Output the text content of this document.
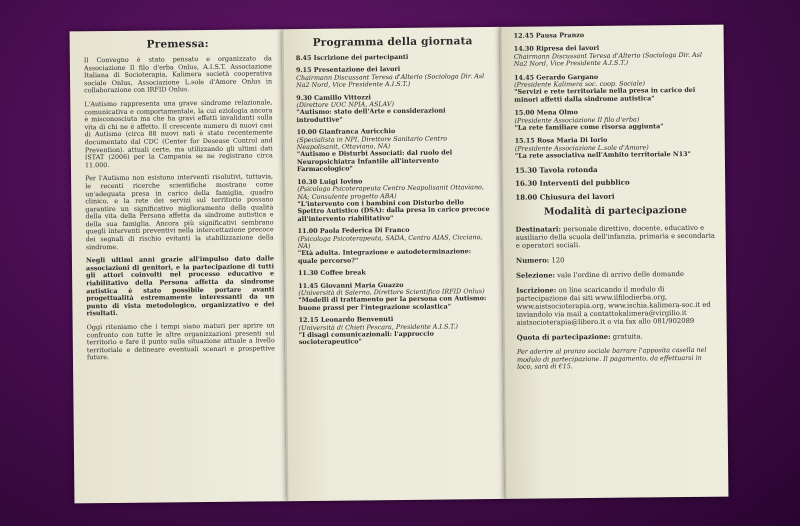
Premessa:

Il Convegno è stato pensato e organizzato da Associazione Il filo d'erba Onlus, A.I.S.T. Associazione Italiana di Socioterapia, Kalimera società cooperativa sociale Onlus, Associazione L.sole d'Amore Onlus in collaborazione con IRFID Onlus.

L'Autismo rappresenta una grave sindrome relazionale, comunicativa e comportamentale, la cui eziologia ancora è misconosciuta ma che ha gravi effetti invalidanti sulla vita di chi ne è affetto. Il crescente numero di nuovi casi di Autismo (circa 88 nuovi nati è stato recentemente documentato dal CDC (Center for Desease Control and Prevention). attuali certe, ma utilizzando gli ultimi dati ISTAT (2006) per la Campania se ne registrano circa 11.000.

Per l'Autismo non esistono interventi risolutivi, tuttavia, le recenti ricerche scientifiche mostrano come un'adeguata presa in carico della famiglia, quadro clinico, e la rete dei servizi sul territorio possano garantire un significativo miglioramento della qualità della vita della Persona affetta da sindrome autistica e della sua famiglia. Ancora più significativi sembrano quegli interventi preventivi nella intercettazione precoce dei segnali di rischio evitanti la stabilizzazione della sindrome.

Negli ultimi anni grazie all'impulso dato dalle associazioni di genitori, e la partecipazione di tutti gli attori coinvolti nel processo educativo e riabilitativo della Persona affetta da sindrome autistica è stato possibile portare avanti progettualità estremamente interessanti da un punto di vista metodologico, organizzativo e dei risultati.

Oggi riteniamo che i tempi siano maturi per aprire un confronto con tutte le altre organizzazioni presenti sul territorio e fare il punto sulla situazione attuale a livello territoriale e delineare eventuali scenari e prospettive future.

Programma della giornata
8.45 Iscrizione dei partecipanti
9.15 Presentazione dei lavori
Chairmann Discussant Teresa d'Alterio (Sociologa Dir. Asl Na2 Nord, Vice Presidente A.I.S.T.)
9.30 Camillo Vittozzi
(Direttore UOC NPIA, ASLAV)
"Autismo: stato dell'Arte e considerazioni introduttive"
10.00 Gianfranca Auricchio
(Specialista in NPI, Direttore Sanitario Centro Neapolisanit, Ottaviano, NA)
"Autismo e Disturbi Associati: dal ruolo del Neuropsichiatra Infantile all'intervento Farmacologico"
10.30 Luigi Iovino
(Psicologo Psicoterapeuta Centro Neapolisanit Ottaviano, NA; Consulente progetto ABA)
"L'intervento con i bambini con Disturbo dello Spettro Autistico (DSA): dalla presa in carico precoce all'intervento riabilitativo"
11.00 Paola Federica Di Franco
(Psicologa Psicoterapeuta, SADA, Centro AIAS, Cicciano, NA)
"Età adulta. Integrazione e autodeterminazione: quale percorso?"
11.30 Coffee break
11.45 Giovanni Maria Guazzo
(Università di Salerno, Direttore Scientifico IRFID Onlus)
"Modelli di trattamento per la persona con Autismo: buone prassi per l'integrazione scolastica"
12.15 Leonardo Benvenuti
(Università di Chieti Pescara, Presidente A.I.S.T.)
"I disagi comunicazionali: l'approccio socioterapeutico"
12.45 Pausa Pranzo
14.30 Ripresa dei lavori
Chairmann Discussant Teresa d'Alterio (Sociologa Dir. Asl Na2 Nord, Vice Presidente A.I.S.T.)
14.45 Gerardo Gargano
(Presidente Kalimera soc. coop. Sociale)
"Servizi e rete territoriale nella presa in carico dei minori affetti dalla sindrome autistica"
15.00 Mena Olmo
(Presidente Associazione Il filo d'erba)
"La rete familiare come risorsa aggiunta"
15.15 Rosa Maria Di Iorio
(Presidente Associazione L.sole d'Amore)
"La rete associativa nell'Ambito territoriale N13"
15.30 Tavola rotonda
16.30 Interventi del pubblico
18.00 Chiusura dei lavori
Modalità di partecipazione
Destinatari: personale direttivo, docente, educativo e ausiliario della scuola dell'infanzia, primaria e secondaria e operatori sociali.
Numero: 120
Selezione: vale l'ordine di arrivo delle domande
Iscrizione: on line scaricando il modulo di partecipazione dai siti www.ilfilodierba.org, www.aistsocioterapia.org, www.ischia.kalimera-soc.it ed inviandolo via mail a contattokalimera@virgilio.it aistsocioterapia@libero.it o via fax allo 081/902089
Quota di partecipazione: gratuita.
Per aderire al pranzo sociale barrare l'apposita casella nel modulo di partecipazione. Il pagamento, da effettuarsi in loco, sarà di €15.
